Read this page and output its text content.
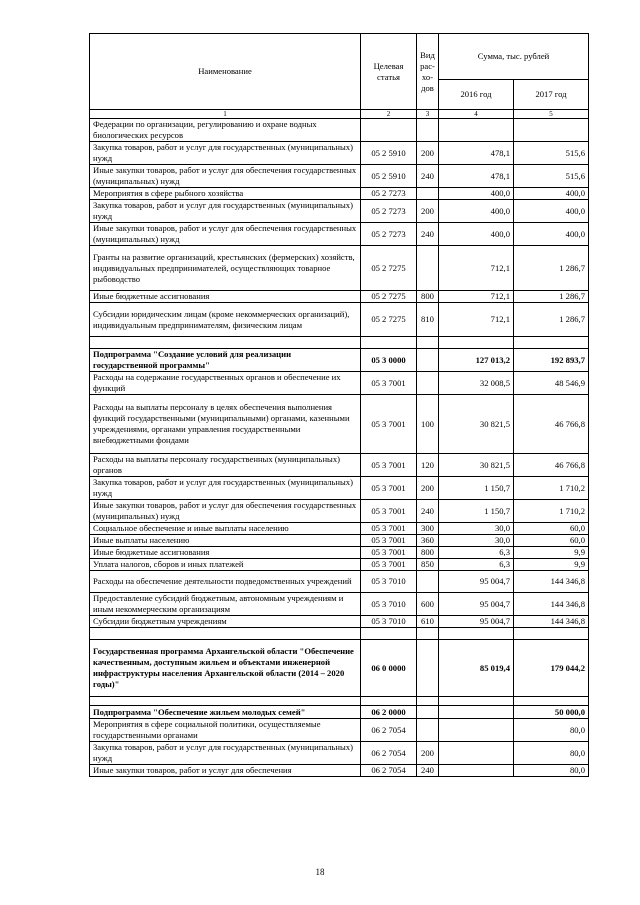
Наименование	Целевая статья	Вид рас-хо-дов	Сумма, тыс. рублей	
			2016 год	2017 год
1	2	3	4	5
Федерации по организации, регулированию и охране водных биологических ресурсов				
Закупка товаров, работ и услуг для государственных (муниципальных) нужд	05 2 5910	200	478,1	515,6
Иные закупки товаров, работ и услуг для обеспечения государственных (муниципальных) нужд	05 2 5910	240	478,1	515,6
Мероприятия в сфере рыбного хозяйства	05 2 7273		400,0	400,0
Закупка товаров, работ и услуг для государственных (муниципальных) нужд	05 2 7273	200	400,0	400,0
Иные закупки товаров, работ и услуг для обеспечения государственных (муниципальных) нужд	05 2 7273	240	400,0	400,0
Гранты на развитие организаций, крестьянских (фермерских) хозяйств, индивидуальных предпринимателей, осуществляющих товарное рыбоводство	05 2 7275		712,1	1 286,7
Иные бюджетные ассигнования	05 2 7275	800	712,1	1 286,7
Субсидии юридическим лицам (кроме некоммерческих организаций), индивидуальным предпринимателям, физическим лицам	05 2 7275	810	712,1	1 286,7

Подпрограмма "Создание условий для реализации государственной программы"	05 3 0000		127 013,2	192 893,7
Расходы на содержание государственных органов и обеспечение их функций	05 3 7001		32 008,5	48 546,9
Расходы на выплаты персоналу в целях обеспечения выполнения функций государственными (муниципальными) органами, казенными учреждениями, органами управления государственными внебюджетными фондами	05 3 7001	100	30 821,5	46 766,8
Расходы на выплаты персоналу государственных (муниципальных) органов	05 3 7001	120	30 821,5	46 766,8
Закупка товаров, работ и услуг для государственных (муниципальных) нужд	05 3 7001	200	1 150,7	1 710,2
Иные закупки товаров, работ и услуг для обеспечения государственных (муниципальных) нужд	05 3 7001	240	1 150,7	1 710,2
Социальное обеспечение и иные выплаты населению	05 3 7001	300	30,0	60,0
Иные выплаты населению	05 3 7001	360	30,0	60,0
Иные бюджетные ассигнования	05 3 7001	800	6,3	9,9
Уплата налогов, сборов и иных платежей	05 3 7001	850	6,3	9,9
Расходы на обеспечение деятельности подведомственных учреждений	05 3 7010		95 004,7	144 346,8
Предоставление субсидий бюджетным, автономным учреждениям и иным некоммерческим организациям	05 3 7010	600	95 004,7	144 346,8
Субсидии бюджетным учреждениям	05 3 7010	610	95 004,7	144 346,8

Государственная программа Архангельской области "Обеспечение качественным, доступным жильем и объектами инженерной инфраструктуры населения Архангельской области (2014 – 2020 годы)"	06 0 0000		85 019,4	179 044,2

Подпрограмма "Обеспечение жильем молодых семей"	06 2 0000			50 000,0
Мероприятия в сфере социальной политики, осуществляемые государственными органами	06 2 7054			80,0
Закупка товаров, работ и услуг для государственных (муниципальных) нужд	06 2 7054	200		80,0
Иные закупки товаров, работ и услуг для обеспечения	06 2 7054	240		80,0
18
